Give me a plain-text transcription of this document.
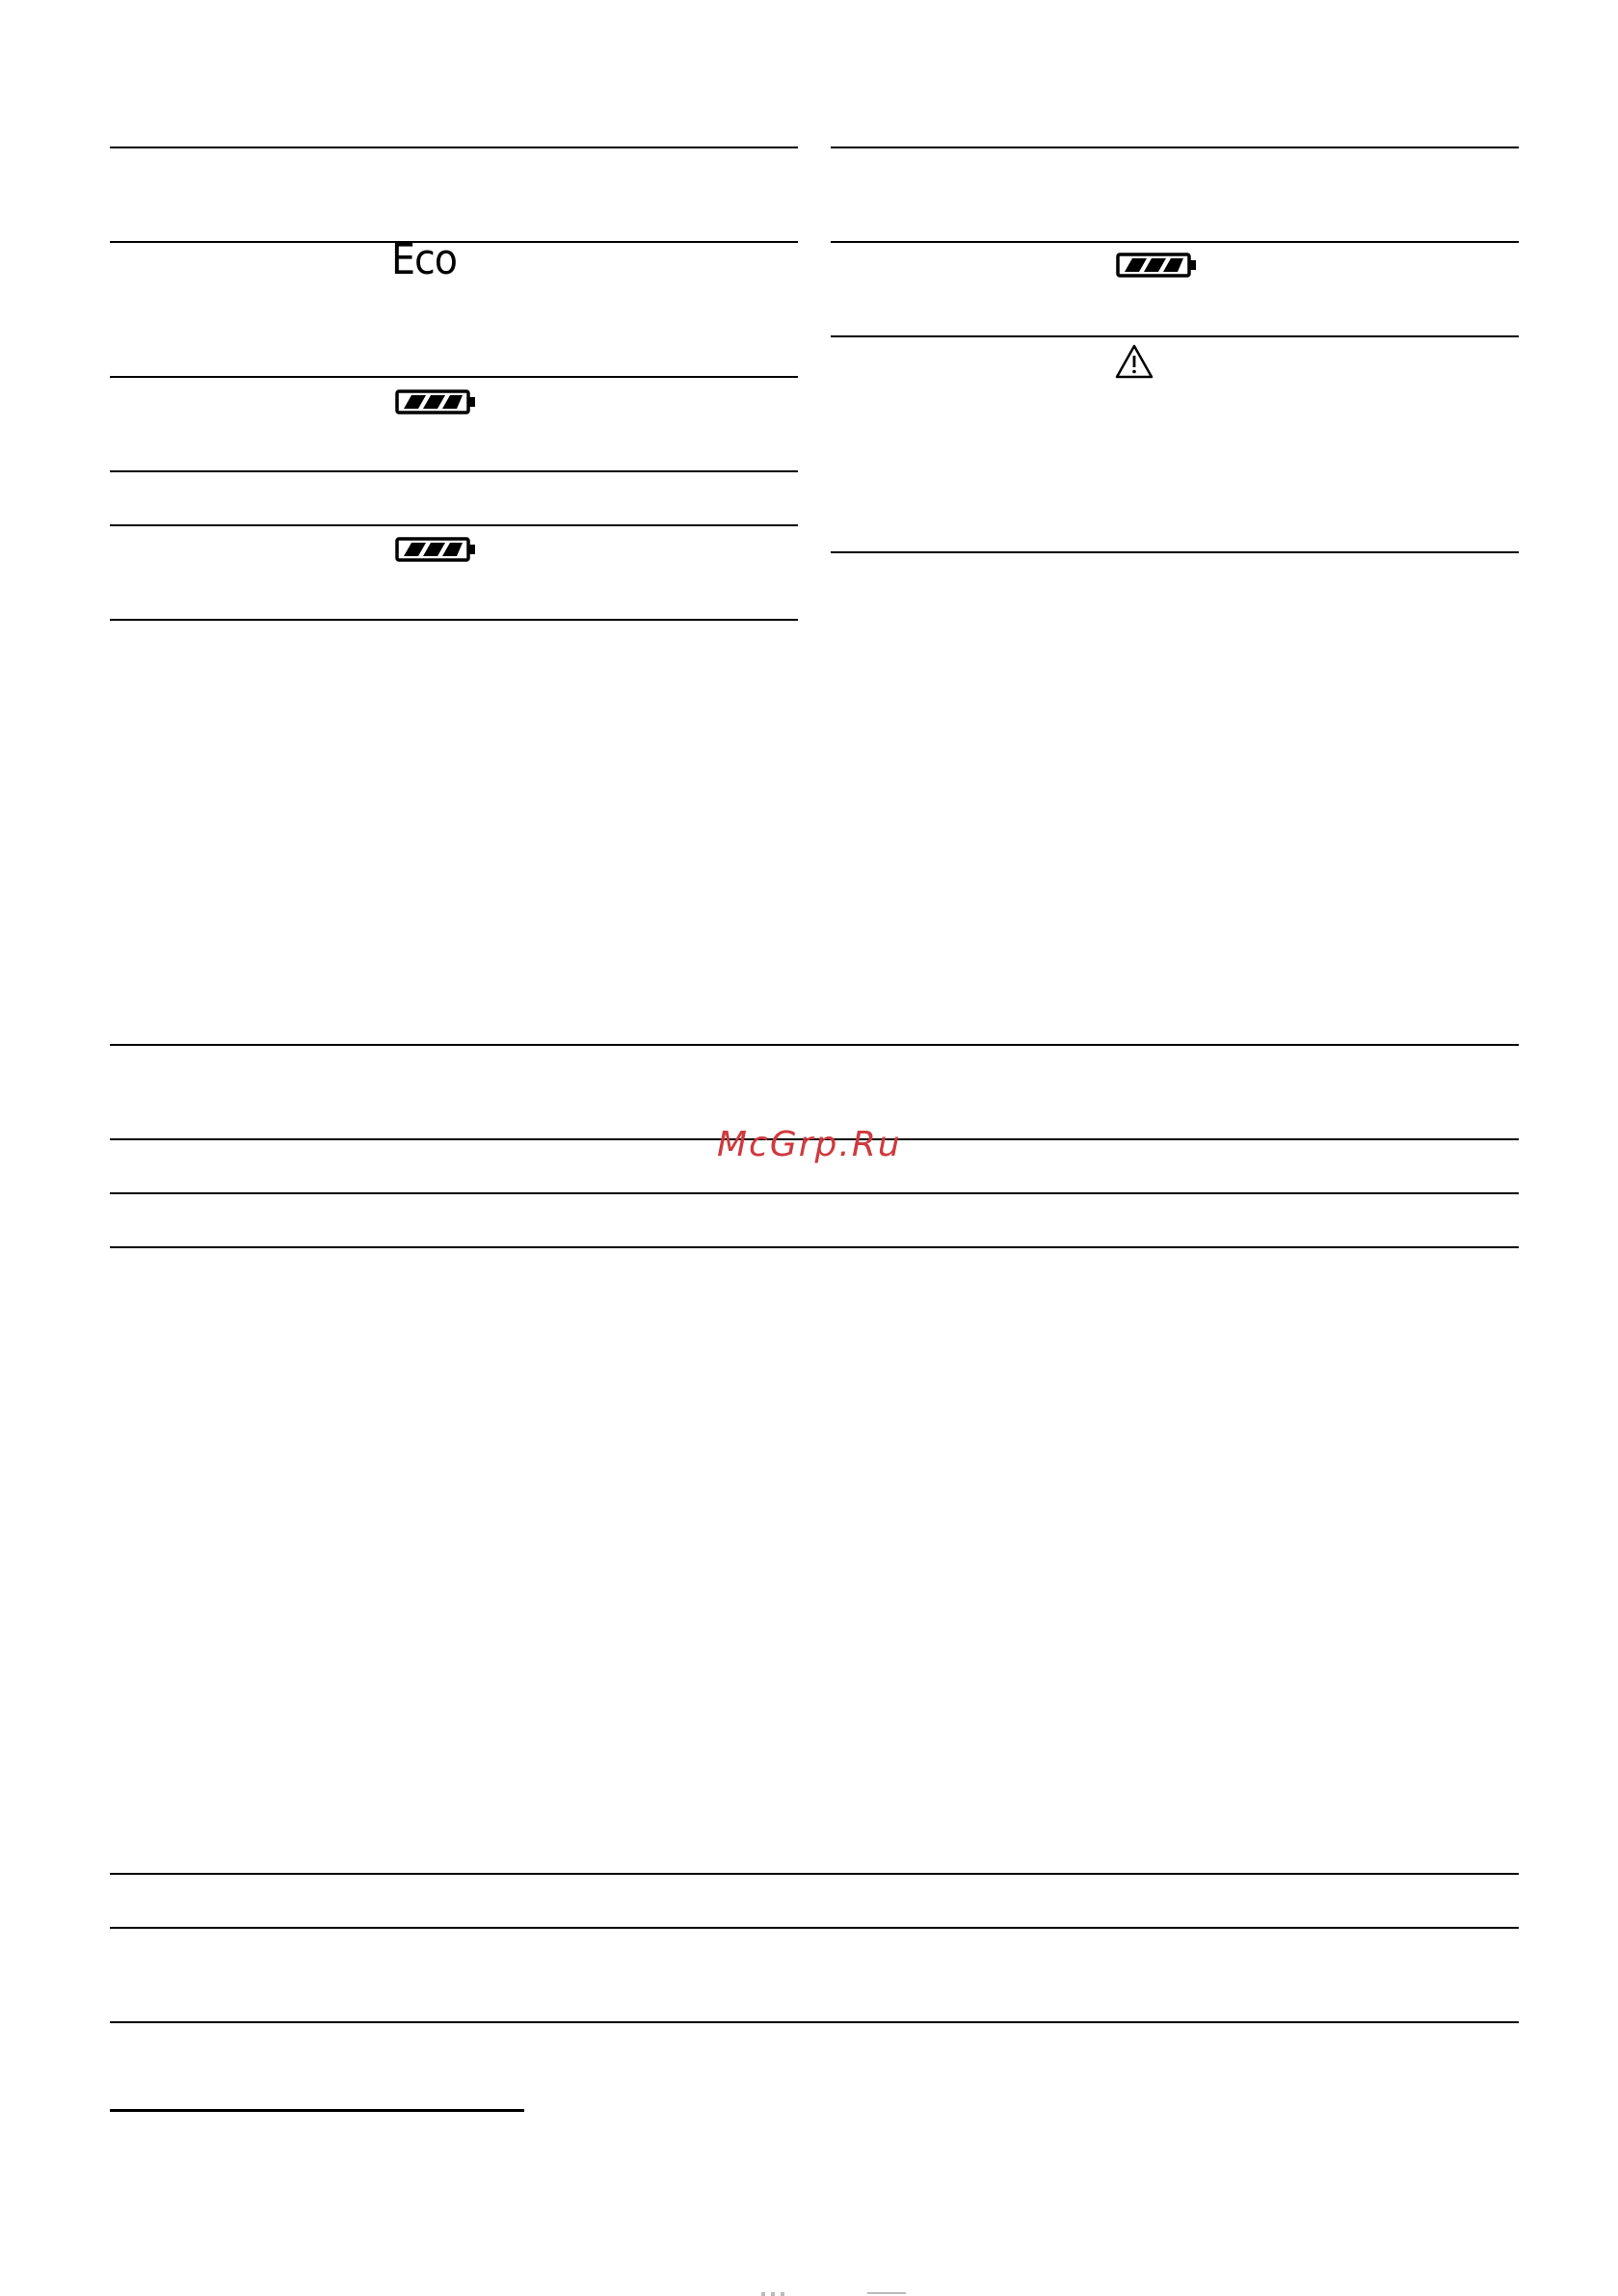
Eco
McGrp.Ru
